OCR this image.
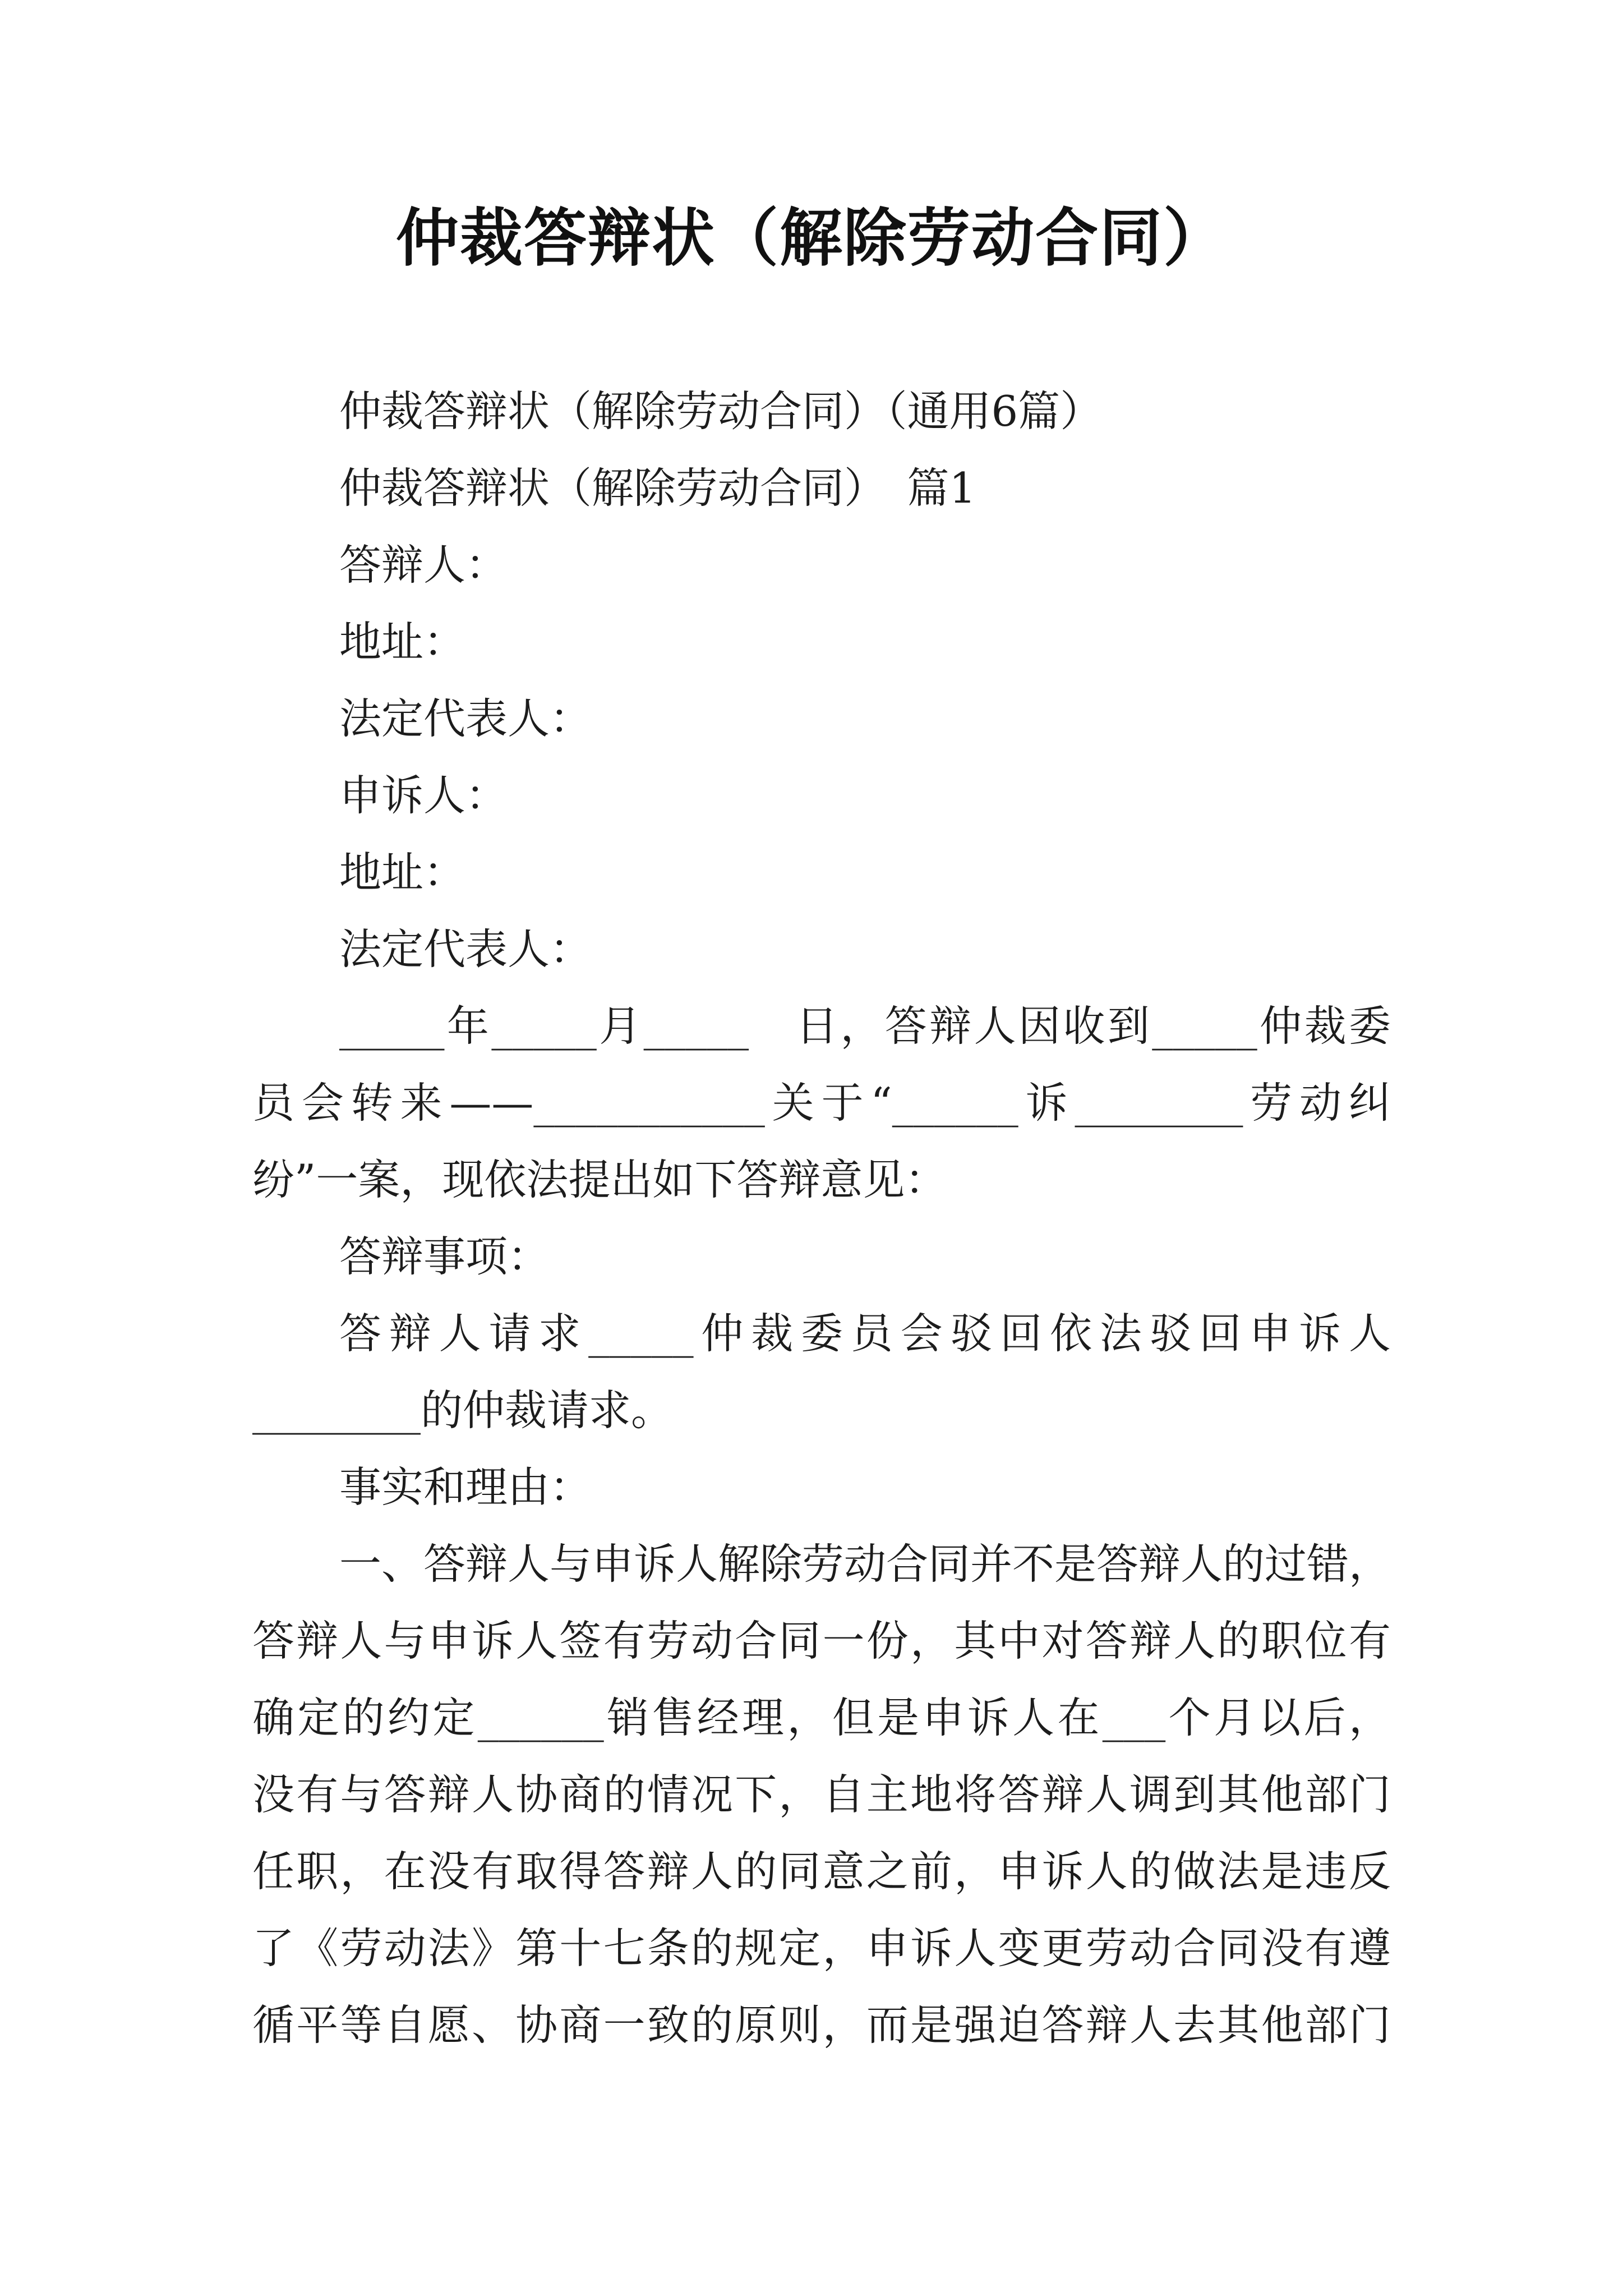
仲裁答辩状（解除劳动合同）
仲裁答辩状（解除劳动合同）（通用6篇）
仲裁答辩状（解除劳动合同）　篇1
答辩人：
地址：
法定代表人：
申诉人：
地址：
法定代表人：
_____年_____月_____　日，答辩人因收到_____仲裁委
员会转来——___________关于“______诉________劳动纠
纷”一案，现依法提出如下答辩意见：
答辩事项：
答辩人请求_____仲裁委员会驳回依法驳回申诉人
________的仲裁请求。
事实和理由：
一、答辩人与申诉人解除劳动合同并不是答辩人的过错，
答辩人与申诉人签有劳动合同一份，其中对答辩人的职位有
确定的约定______销售经理，但是申诉人在___个月以后，
没有与答辩人协商的情况下，自主地将答辩人调到其他部门
任职，在没有取得答辩人的同意之前，申诉人的做法是违反
了《劳动法》第十七条的规定，申诉人变更劳动合同没有遵
循平等自愿、协商一致的原则，而是强迫答辩人去其他部门
